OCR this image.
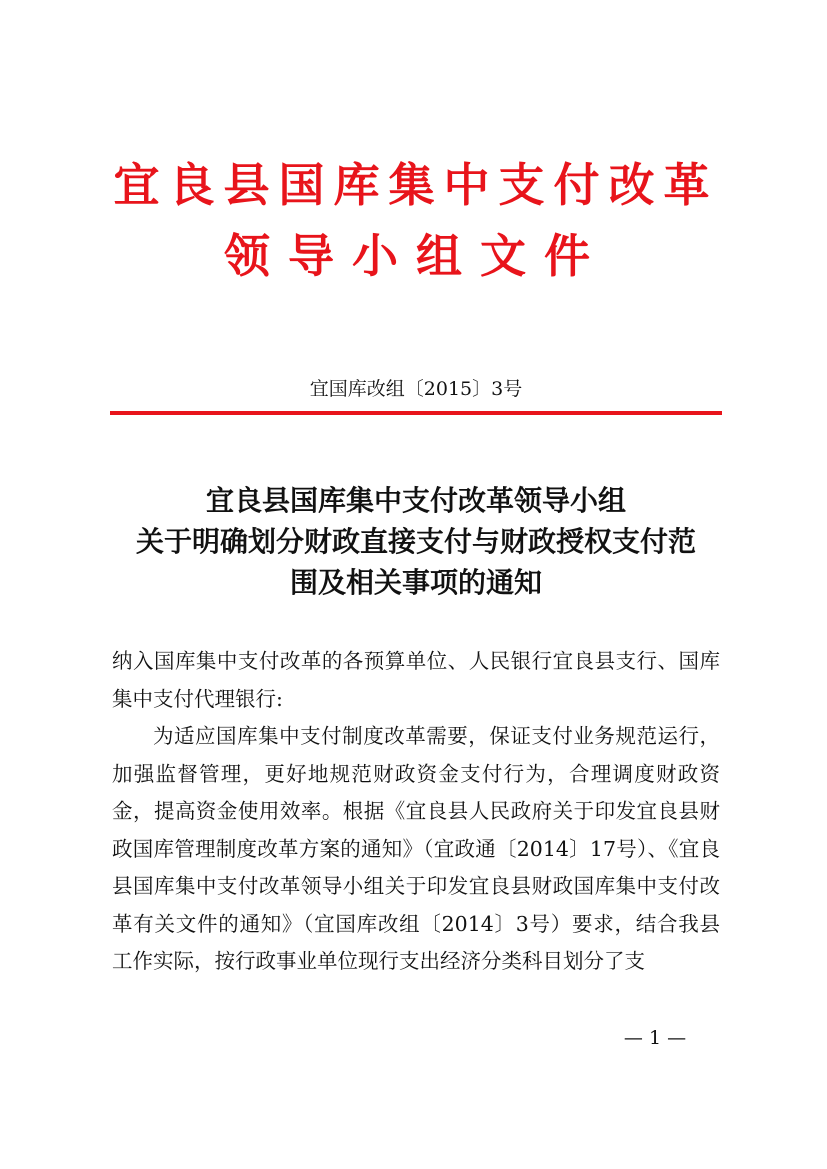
宜良县国库集中支付改革
领导小组文件
宜国库改组〔2015〕3号
宜良县国库集中支付改革领导小组
关于明确划分财政直接支付与财政授权支付范
围及相关事项的通知

纳入国库集中支付改革的各预算单位、人民银行宜良县支行、国库集中支付代理银行:

为适应国库集中支付制度改革需要，保证支付业务规范运行，加强监督管理，更好地规范财政资金支付行为，合理调度财政资金，提高资金使用效率。根据《宜良县人民政府关于印发宜良县财政国库管理制度改革方案的通知》（宜政通〔2014〕17号）、《宜良县国库集中支付改革领导小组关于印发宜良县财政国库集中支付改革有关文件的通知》（宜国库改组〔2014〕3号）要求，结合我县工作实际，按行政事业单位现行支出经济分类科目划分了支

— 1 —
